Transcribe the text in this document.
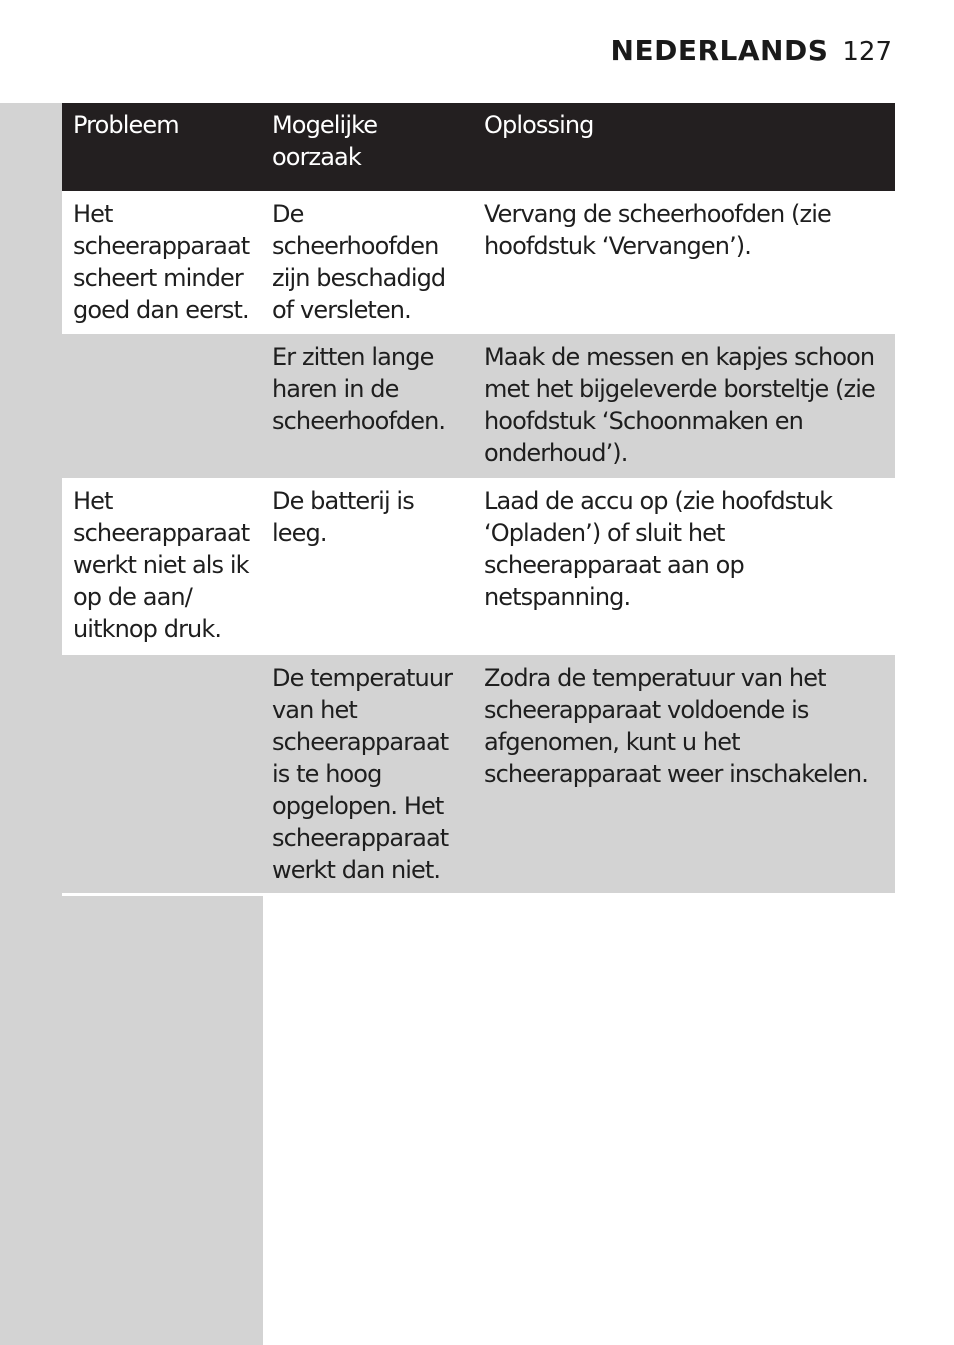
NEDERLANDS 127
Probleem	Mogelijke oorzaak	Oplossing
Het scheerapparaat scheert minder goed dan eerst.	De scheerhoofden zijn beschadigd of versleten.	Vervang de scheerhoofden (zie hoofdstuk ‘Vervangen’).
	Er zitten lange haren in de scheerhoofden.	Maak de messen en kapjes schoon met het bijgeleverde borsteltje (zie hoofdstuk ‘Schoonmaken en onderhoud’).
Het scheerapparaat werkt niet als ik op de aan/ uitknop druk.	De batterij is leeg.	Laad de accu op (zie hoofdstuk ‘Opladen’) of sluit het scheerapparaat aan op netspanning.
	De temperatuur van het scheerapparaat is te hoog opgelopen. Het scheerapparaat werkt dan niet.	Zodra de temperatuur van het scheerapparaat voldoende is afgenomen, kunt u het scheerapparaat weer inschakelen.
